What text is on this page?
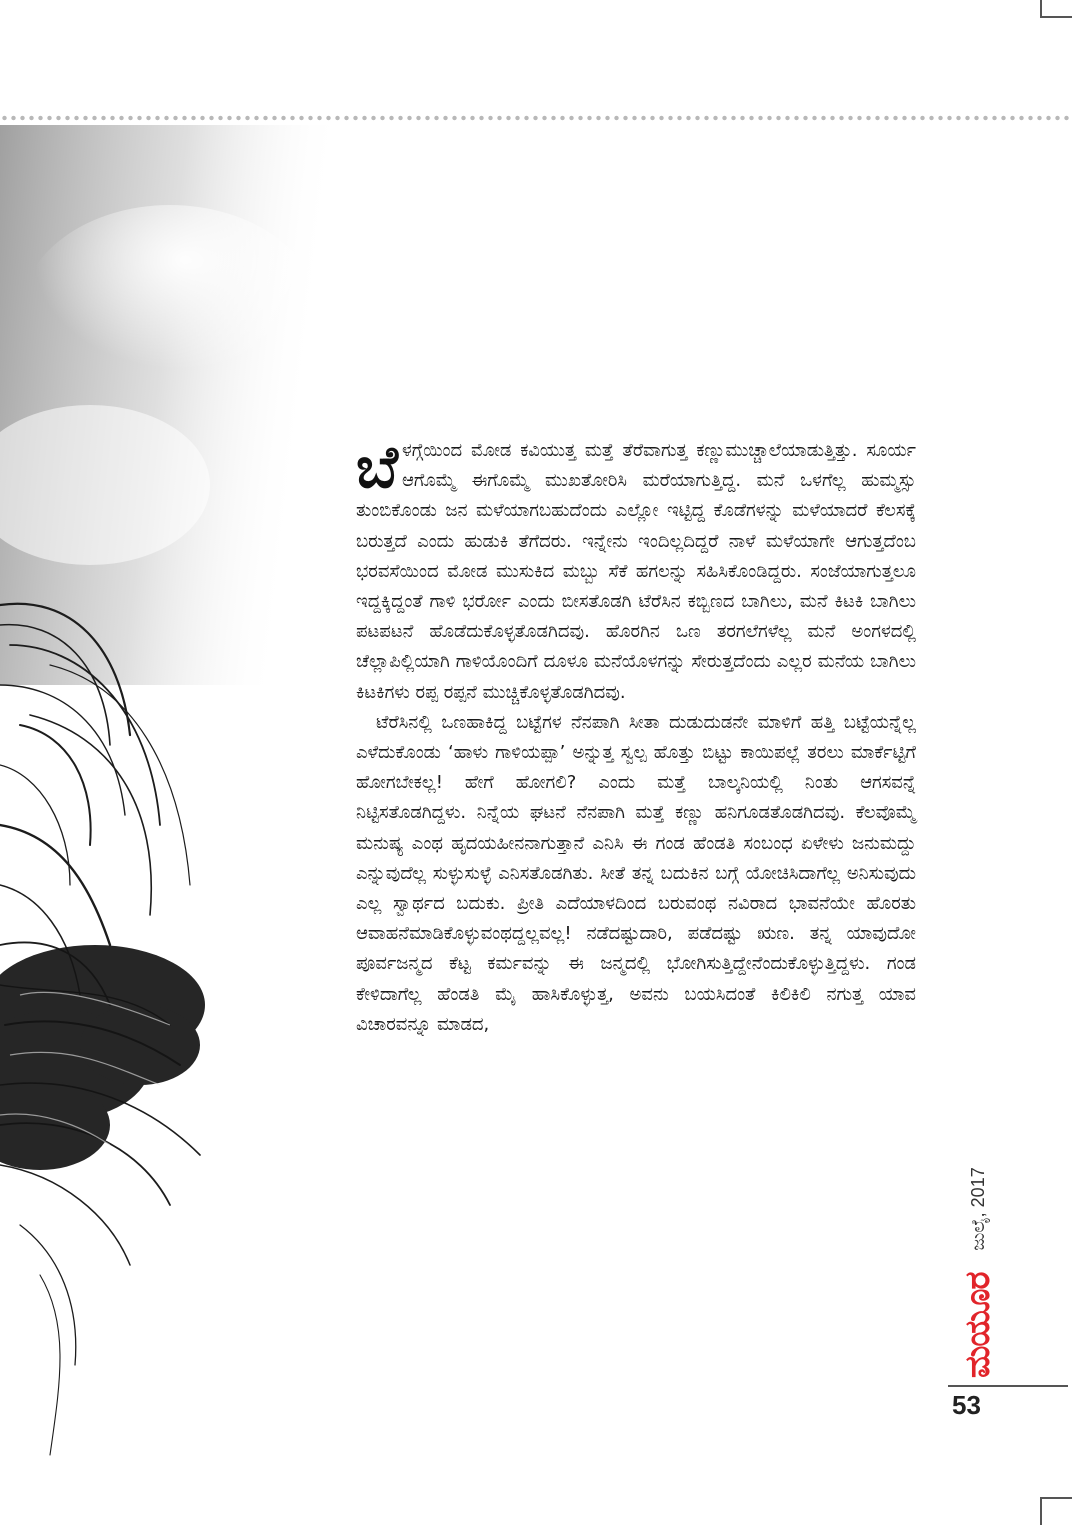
ಬೆ ಳಗ್ಗೆಯಿಂದ ಮೋಡ ಕವಿಯುತ್ತ ಮತ್ತೆ ತೆರೆವಾಗುತ್ತ ಕಣ್ಣುಮುಚ್ಚಾಲೆಯಾಡುತ್ತಿತ್ತು. ಸೂರ್ಯ ಆಗೊಮ್ಮೆ ಈಗೊಮ್ಮೆ ಮುಖತೋರಿಸಿ ಮರೆಯಾಗುತ್ತಿದ್ದ. ಮನೆ ಒಳಗೆಲ್ಲ ಹುಮ್ಮಸ್ಸು ತುಂಬಿಕೊಂಡು ಜನ ಮಳೆಯಾಗಬಹುದೆಂದು ಎಲ್ಲೋ ಇಟ್ಟಿದ್ದ ಕೊಡೆಗಳನ್ನು ಮಳೆಯಾದರೆ ಕೆಲಸಕ್ಕೆ ಬರುತ್ತದೆ ಎಂದು ಹುಡುಕಿ ತೆಗೆದರು. ಇನ್ನೇನು ಇಂದಿಲ್ಲದಿದ್ದರೆ ನಾಳೆ ಮಳೆಯಾಗೇ ಆಗುತ್ತದೆಂಬ ಭರವಸೆಯಿಂದ ಮೋಡ ಮುಸುಕಿದ ಮಬ್ಬು ಸೆಕೆ ಹಗಲನ್ನು ಸಹಿಸಿಕೊಂಡಿದ್ದರು. ಸಂಜೆಯಾಗುತ್ತಲೂ ಇದ್ದಕ್ಕಿದ್ದಂತೆ ಗಾಳಿ ಭರ್ರೋ ಎಂದು ಬೀಸತೊಡಗಿ ಟೆರೆಸಿನ ಕಬ್ಬಿಣದ ಬಾಗಿಲು, ಮನೆ ಕಿಟಕಿ ಬಾಗಿಲು ಪಟಪಟನೆ ಹೊಡೆದುಕೊಳ್ಳತೊಡಗಿದವು. ಹೊರಗಿನ ಒಣ ತರಗಲೆಗಳೆಲ್ಲ ಮನೆ ಅಂಗಳದಲ್ಲಿ ಚೆಲ್ಲಾಪಿಲ್ಲಿಯಾಗಿ ಗಾಳಿಯೊಂದಿಗೆ ದೂಳೂ ಮನೆಯೊಳಗನ್ನು ಸೇರುತ್ತದೆಂದು ಎಲ್ಲರ ಮನೆಯ ಬಾಗಿಲು ಕಿಟಕಿಗಳು ರಪ್ಪ ರಪ್ಪನೆ ಮುಚ್ಚಿಕೊಳ್ಳತೊಡಗಿದವು.

ಟೆರೆಸಿನಲ್ಲಿ ಒಣಹಾಕಿದ್ದ ಬಟ್ಟೆಗಳ ನೆನಪಾಗಿ ಸೀತಾ ದುಡುದುಡನೇ ಮಾಳಿಗೆ ಹತ್ತಿ ಬಟ್ಟೆಯನ್ನೆಲ್ಲ ಎಳೆದುಕೊಂಡು ‘ಹಾಳು ಗಾಳಿಯಪ್ಪಾ’ ಅನ್ನುತ್ತ ಸ್ವಲ್ಪ ಹೊತ್ತು ಬಿಟ್ಟು ಕಾಯಿಪಲ್ಲೆ ತರಲು ಮಾರ್ಕೆಟ್ಟಿಗೆ ಹೋಗಬೇಕಲ್ಲ! ಹೇಗೆ ಹೋಗಲಿ? ಎಂದು ಮತ್ತೆ ಬಾಲ್ಕನಿಯಲ್ಲಿ ನಿಂತು ಆಗಸವನ್ನೆ ನಿಟ್ಟಿಸತೊಡಗಿದ್ದಳು. ನಿನ್ನೆಯ ಘಟನೆ ನೆನಪಾಗಿ ಮತ್ತೆ ಕಣ್ಣು ಹನಿಗೂಡತೊಡಗಿದವು. ಕೆಲವೊಮ್ಮೆ ಮನುಷ್ಯ ಎಂಥ ಹೃದಯಹೀನನಾಗುತ್ತಾನೆ ಎನಿಸಿ ಈ ಗಂಡ ಹೆಂಡತಿ ಸಂಬಂಧ ಏಳೇಳು ಜನುಮದ್ದು ಎನ್ನುವುದೆಲ್ಲ ಸುಳ್ಳುಸುಳ್ಳೆ ಎನಿಸತೊಡಗಿತು. ಸೀತೆ ತನ್ನ ಬದುಕಿನ ಬಗ್ಗೆ ಯೋಚಿಸಿದಾಗೆಲ್ಲ ಅನಿಸುವುದು ಎಲ್ಲ ಸ್ವಾರ್ಥದ ಬದುಕು. ಪ್ರೀತಿ ಎದೆಯಾಳದಿಂದ ಬರುವಂಥ ನವಿರಾದ ಭಾವನೆಯೇ ಹೊರತು ಆವಾಹನೆಮಾಡಿಕೊಳ್ಳುವಂಥದ್ದಲ್ಲವಲ್ಲ! ನಡೆದಷ್ಟುದಾರಿ, ಪಡೆದಷ್ಟು ಋಣ. ತನ್ನ ಯಾವುದೋ ಪೂರ್ವಜನ್ಮದ ಕೆಟ್ಟ ಕರ್ಮವನ್ನು ಈ ಜನ್ಮದಲ್ಲಿ ಭೋಗಿಸುತ್ತಿದ್ದೇನೆಂದುಕೊಳ್ಳುತ್ತಿದ್ದಳು. ಗಂಡ ಕೇಳಿದಾಗೆಲ್ಲ ಹೆಂಡತಿ ಮೈ ಹಾಸಿಕೊಳ್ಳುತ್ತ, ಅವನು ಬಯಸಿದಂತೆ ಕಿಲಿಕಿಲಿ ನಗುತ್ತ ಯಾವ ವಿಚಾರವನ್ನೂ ಮಾಡದ,

ಮಯೂರ
ಜುಲೈ, 2017
53
